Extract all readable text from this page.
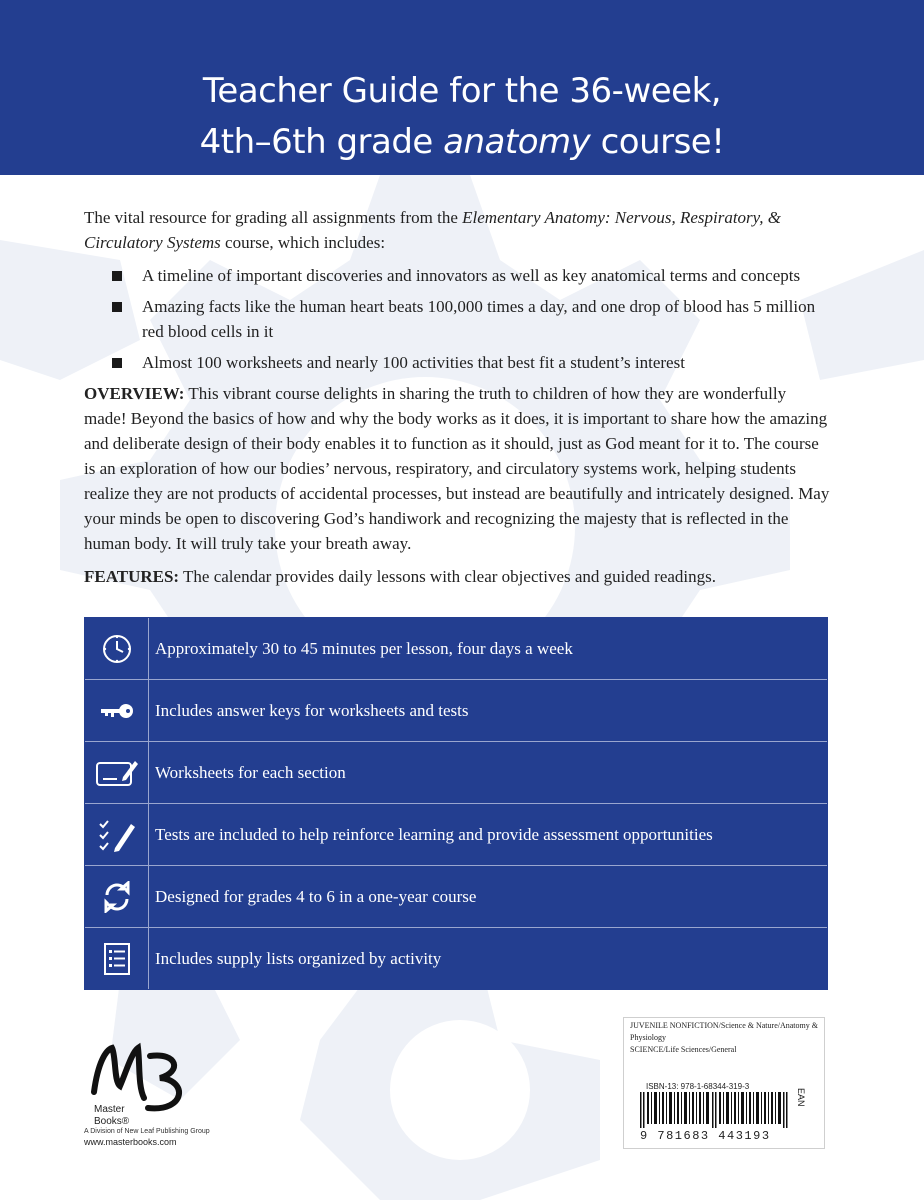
Teacher Guide for the 36-week,
4th–6th grade anatomy course!

The vital resource for grading all assignments from the Elementary Anatomy: Nervous, Respiratory, & Circulatory Systems course, which includes:

A timeline of important discoveries and innovators as well as key anatomical terms and concepts
Amazing facts like the human heart beats 100,000 times a day, and one drop of blood has 5 million red blood cells in it
Almost 100 worksheets and nearly 100 activities that best fit a student’s interest

OVERVIEW: This vibrant course delights in sharing the truth to children of how they are wonderfully made! Beyond the basics of how and why the body works as it does, it is important to share how the amazing and deliberate design of their body enables it to function as it should, just as God meant for it to. The course is an exploration of how our bodies’ nervous, respiratory, and circulatory systems work, helping students realize they are not products of accidental processes, but instead are beautifully and intricately designed. May your minds be open to discovering God’s handiwork and recognizing the majesty that is reflected in the human body. It will truly take your breath away.

FEATURES: The calendar provides daily lessons with clear objectives and guided readings.

Approximately 30 to 45 minutes per lesson, four days a week
Includes answer keys for worksheets and tests
Worksheets for each section
Tests are included to help reinforce learning and provide assessment opportunities
Designed for grades 4 to 6 in a one-year course
Includes supply lists organized by activity
Master
Books®
A Division of New Leaf Publishing Group
www.masterbooks.com
JUVENILE NONFICTION/Science & Nature/Anatomy & Physiology
SCIENCE/Life Sciences/General
ISBN-13: 978-1-68344-319-3
EAN
9 781683 443193
